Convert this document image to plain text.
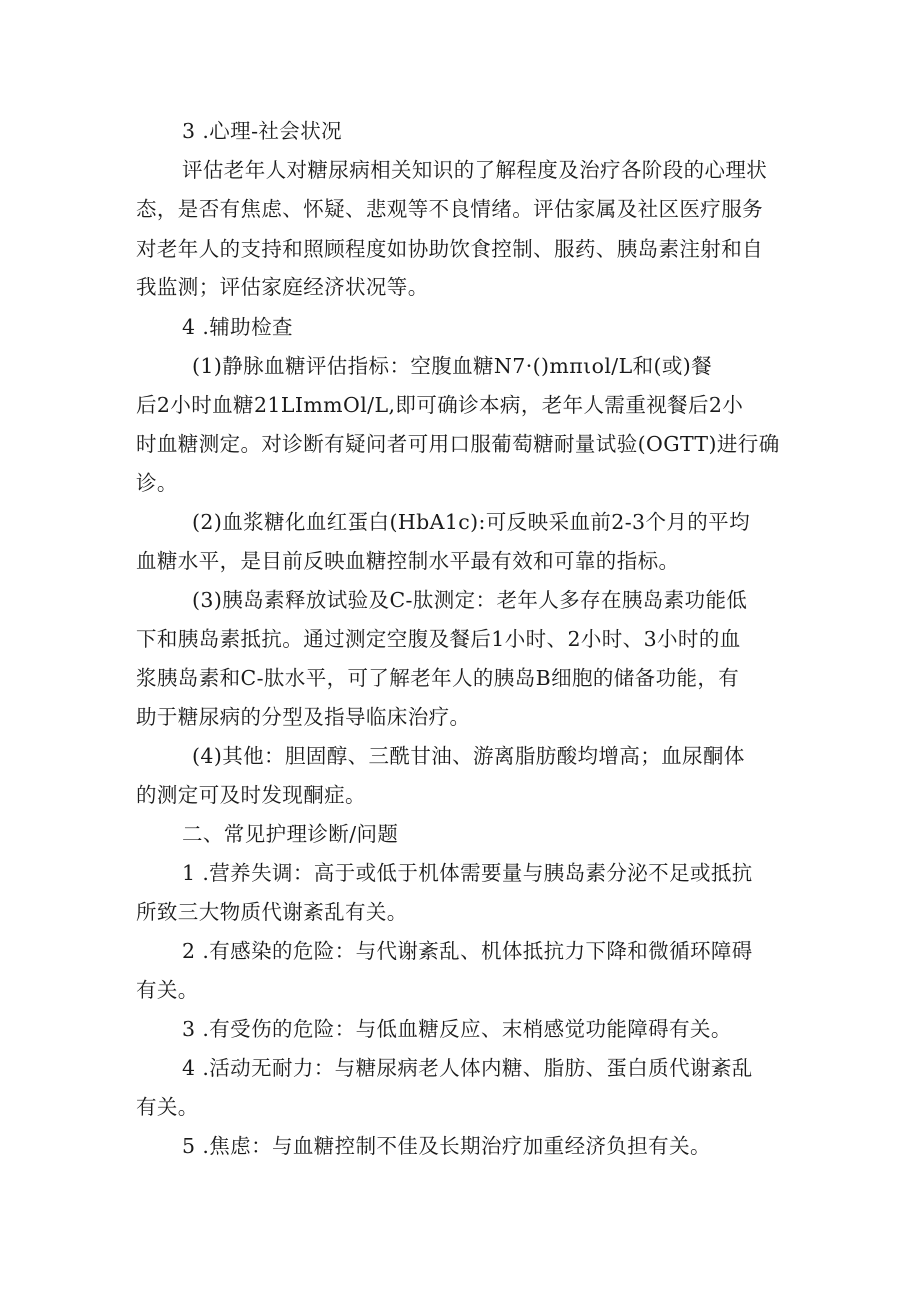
3 .心理-社会状况
评估老年人对糖尿病相关知识的了解程度及治疗各阶段的心理状
态，是否有焦虑、怀疑、悲观等不良情绪。评估家属及社区医疗服务
对老年人的支持和照顾程度如协助饮食控制、服药、胰岛素注射和自
我监测；评估家庭经济状况等。
4 .辅助检查
(1)静脉血糖评估指标：空腹血糖N7·()mπιol/L和(或)餐
后2小时血糖21LImmOl/L,即可确诊本病，老年人需重视餐后2小
时血糖测定。对诊断有疑问者可用口服葡萄糖耐量试验(OGTT)进行确
诊。
(2)血浆糖化血红蛋白(HbA1c):可反映采血前2-3个月的平均
血糖水平，是目前反映血糖控制水平最有效和可靠的指标。
(3)胰岛素释放试验及C-肽测定：老年人多存在胰岛素功能低
下和胰岛素抵抗。通过测定空腹及餐后1小时、2小时、3小时的血
浆胰岛素和C-肽水平，可了解老年人的胰岛B细胞的储备功能，有
助于糖尿病的分型及指导临床治疗。
(4)其他：胆固醇、三酰甘油、游离脂肪酸均增高；血尿酮体
的测定可及时发现酮症。
二、常见护理诊断/问题
1 .营养失调：高于或低于机体需要量与胰岛素分泌不足或抵抗
所致三大物质代谢紊乱有关。
2 .有感染的危险：与代谢紊乱、机体抵抗力下降和微循环障碍
有关。
3 .有受伤的危险：与低血糖反应、末梢感觉功能障碍有关。
4 .活动无耐力：与糖尿病老人体内糖、脂肪、蛋白质代谢紊乱
有关。
5 .焦虑：与血糖控制不佳及长期治疗加重经济负担有关。
